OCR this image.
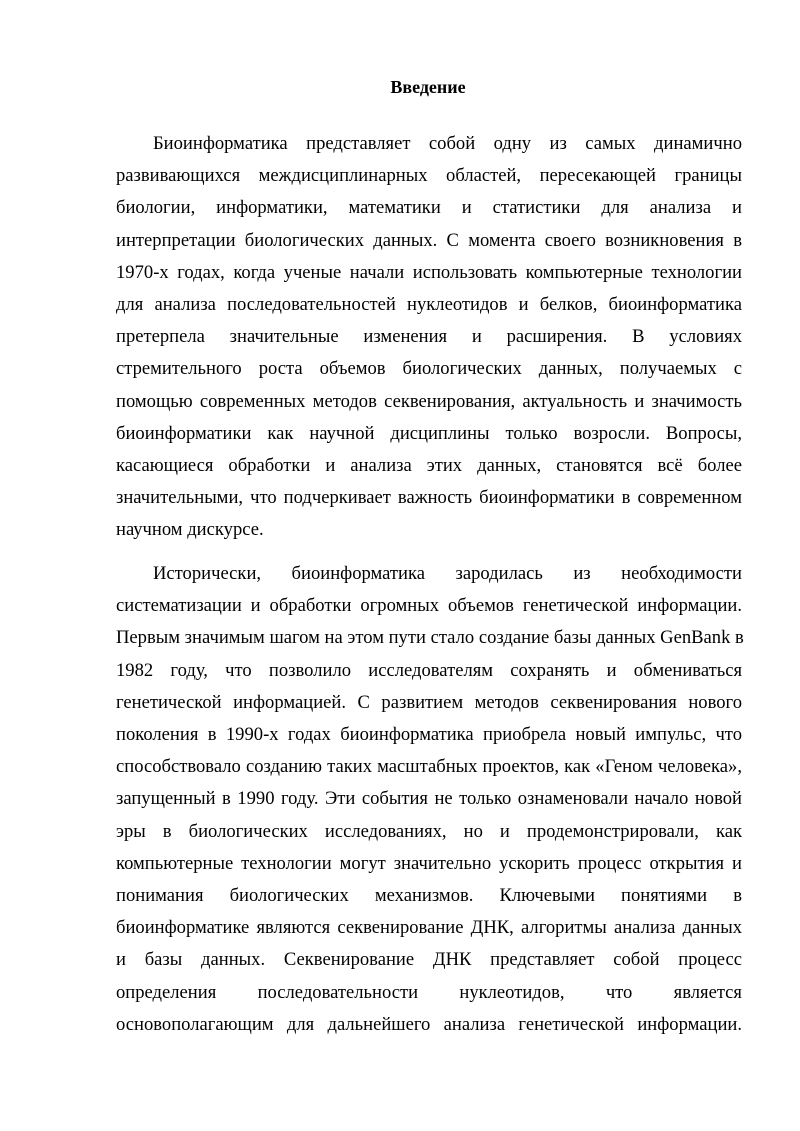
Введение
Биоинформатика представляет собой одну из самых динамично
развивающихся междисциплинарных областей, пересекающей границы
биологии, информатики, математики и статистики для анализа и
интерпретации биологических данных. С момента своего возникновения в
1970-х годах, когда ученые начали использовать компьютерные технологии
для анализа последовательностей нуклеотидов и белков, биоинформатика
претерпела значительные изменения и расширения. В условиях
стремительного роста объемов биологических данных, получаемых с
помощью современных методов секвенирования, актуальность и значимость
биоинформатики как научной дисциплины только возросли. Вопросы,
касающиеся обработки и анализа этих данных, становятся всё более
значительными, что подчеркивает важность биоинформатики в современном
научном дискурсе.
Исторически, биоинформатика зародилась из необходимости
систематизации и обработки огромных объемов генетической информации.
Первым значимым шагом на этом пути стало создание базы данных GenBank в
1982 году, что позволило исследователям сохранять и обмениваться
генетической информацией. С развитием методов секвенирования нового
поколения в 1990-х годах биоинформатика приобрела новый импульс, что
способствовало созданию таких масштабных проектов, как «Геном человека»,
запущенный в 1990 году. Эти события не только ознаменовали начало новой
эры в биологических исследованиях, но и продемонстрировали, как
компьютерные технологии могут значительно ускорить процесс открытия и
понимания биологических механизмов. Ключевыми понятиями в
биоинформатике являются секвенирование ДНК, алгоритмы анализа данных
и базы данных. Секвенирование ДНК представляет собой процесс
определения последовательности нуклеотидов, что является
основополагающим для дальнейшего анализа генетической информации.
